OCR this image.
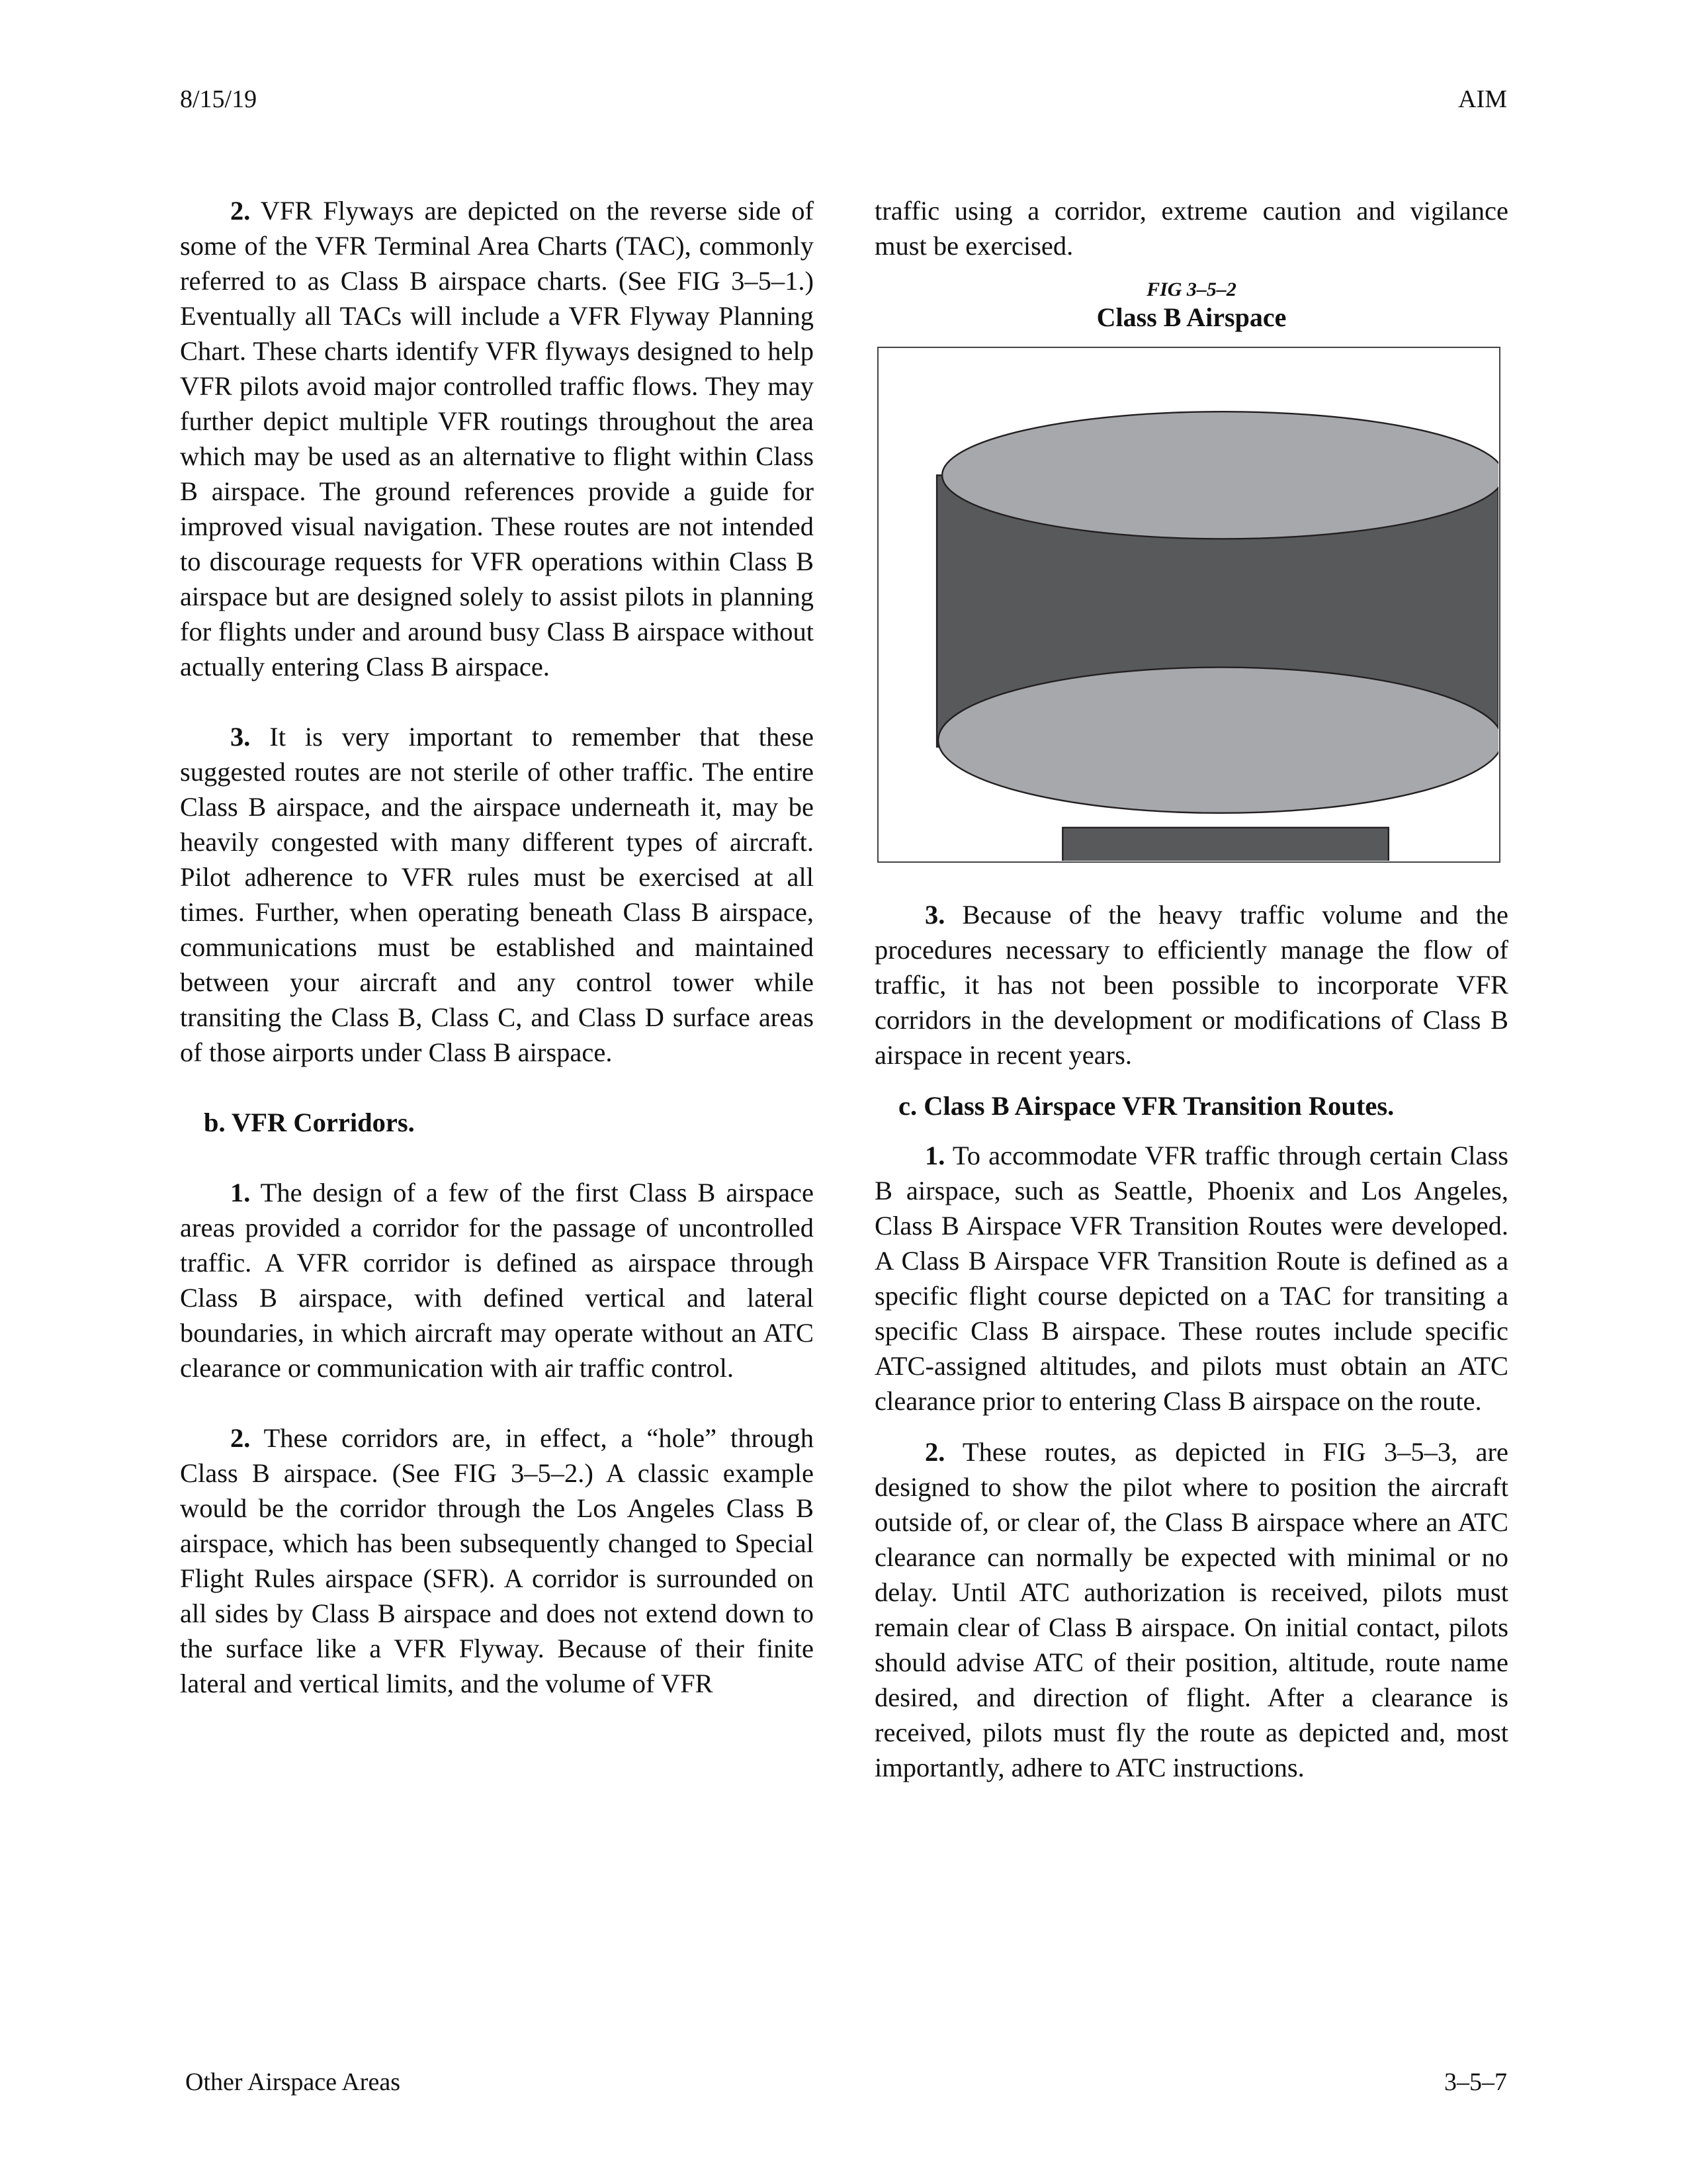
8/15/19	AIM

2. VFR Flyways are depicted on the reverse side of some of the VFR Terminal Area Charts (TAC), commonly referred to as Class B airspace charts. (See FIG 3–5–1.) Eventually all TACs will include a VFR Flyway Planning Chart. These charts identify VFR flyways designed to help VFR pilots avoid major controlled traffic flows. They may further depict multiple VFR routings throughout the area which may be used as an alternative to flight within Class B airspace. The ground references provide a guide for improved visual navigation. These routes are not intended to discourage requests for VFR operations within Class B airspace but are designed solely to assist pilots in planning for flights under and around busy Class B airspace without actually entering Class B airspace.

3. It is very important to remember that these suggested routes are not sterile of other traffic. The entire Class B airspace, and the airspace underneath it, may be heavily congested with many different types of aircraft. Pilot adherence to VFR rules must be exercised at all times. Further, when operating beneath Class B airspace, communications must be established and maintained between your aircraft and any control tower while transiting the Class B, Class C, and Class D surface areas of those airports under Class B airspace.

b. VFR Corridors.

1. The design of a few of the first Class B airspace areas provided a corridor for the passage of uncontrolled traffic. A VFR corridor is defined as airspace through Class B airspace, with defined vertical and lateral boundaries, in which aircraft may operate without an ATC clearance or communication with air traffic control.

2. These corridors are, in effect, a “hole” through Class B airspace. (See FIG 3–5–2.) A classic example would be the corridor through the Los Angeles Class B airspace, which has been subsequently changed to Special Flight Rules airspace (SFR). A corridor is surrounded on all sides by Class B airspace and does not extend down to the surface like a VFR Flyway. Because of their finite lateral and vertical limits, and the volume of VFR

traffic using a corridor, extreme caution and vigilance must be exercised.

FIG 3–5–2
Class B Airspace

3. Because of the heavy traffic volume and the procedures necessary to efficiently manage the flow of traffic, it has not been possible to incorporate VFR corridors in the development or modifications of Class B airspace in recent years.

c. Class B Airspace VFR Transition Routes.

1. To accommodate VFR traffic through certain Class B airspace, such as Seattle, Phoenix and Los Angeles, Class B Airspace VFR Transition Routes were developed. A Class B Airspace VFR Transition Route is defined as a specific flight course depicted on a TAC for transiting a specific Class B airspace. These routes include specific ATC-assigned altitudes, and pilots must obtain an ATC clearance prior to entering Class B airspace on the route.

2. These routes, as depicted in FIG 3–5–3, are designed to show the pilot where to position the aircraft outside of, or clear of, the Class B airspace where an ATC clearance can normally be expected with minimal or no delay. Until ATC authorization is received, pilots must remain clear of Class B airspace. On initial contact, pilots should advise ATC of their position, altitude, route name desired, and direction of flight. After a clearance is received, pilots must fly the route as depicted and, most importantly, adhere to ATC instructions.

Other Airspace Areas	3–5–7
